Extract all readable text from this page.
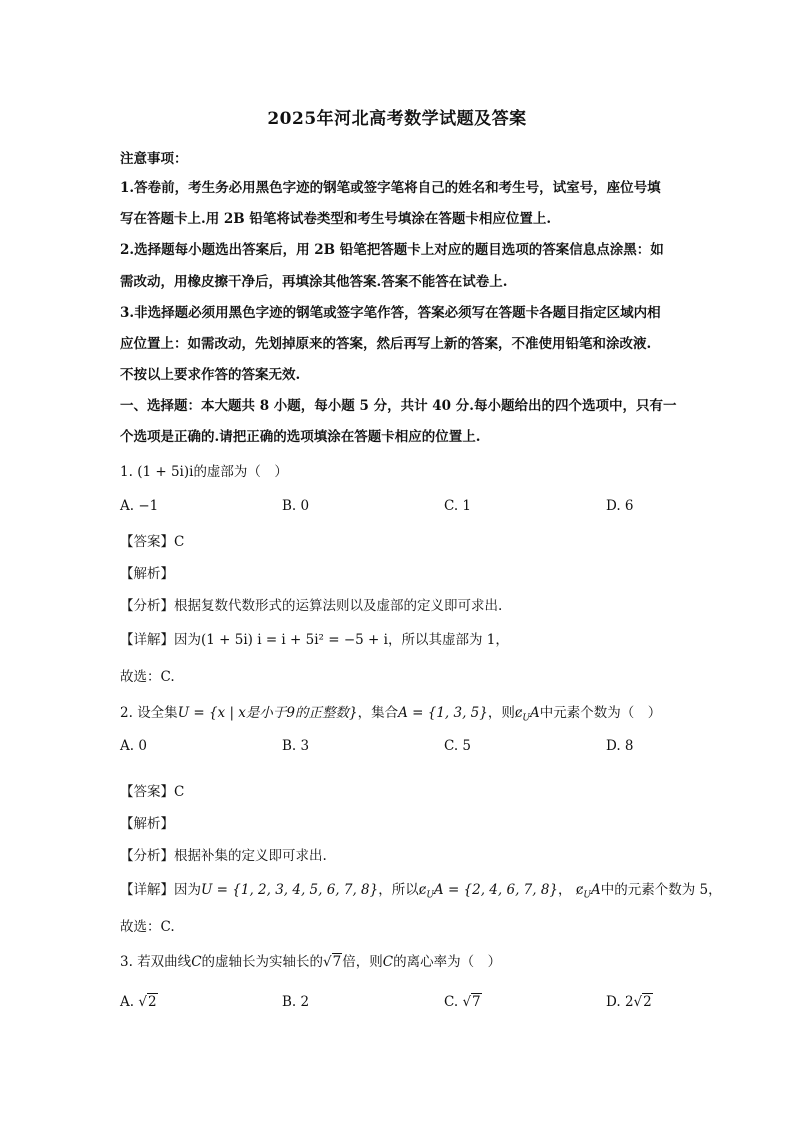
2025年河北高考数学试题及答案
注意事项：
1.答卷前，考生务必用黑色字迹的钢笔或签字笔将自己的姓名和考生号，试室号，座位号填
写在答题卡上.用 2B 铅笔将试卷类型和考生号填涂在答题卡相应位置上.
2.选择题每小题选出答案后，用 2B 铅笔把答题卡上对应的题目选项的答案信息点涂黑：如
需改动，用橡皮擦干净后，再填涂其他答案.答案不能答在试卷上.
3.非选择题必须用黑色字迹的钢笔或签字笔作答，答案必须写在答题卡各题目指定区域内相
应位置上：如需改动，先划掉原来的答案，然后再写上新的答案，不准使用铅笔和涂改液.
不按以上要求作答的答案无效.
一、选择题：本大题共 8 小题，每小题 5 分，共计 40 分.每小题给出的四个选项中，只有一
个选项是正确的.请把正确的选项填涂在答题卡相应的位置上.
1. (1 + 5i)i的虚部为（　）
A. −1	B. 0	C. 1	D. 6
【答案】C
【解析】
【分析】根据复数代数形式的运算法则以及虚部的定义即可求出.
【详解】因为(1 + 5i) i = i + 5i² = −5 + i，所以其虚部为 1，
故选：C.
2. 设全集U = {x | x是小于9的正整数}，集合A = {1, 3, 5}，则$ȼ_UA$中元素个数为（　）
A. 0	B. 3	C. 5	D. 8
【答案】C
【解析】
【分析】根据补集的定义即可求出.
【详解】因为U = {1, 2, 3, 4, 5, 6, 7, 8}，所以$ȼ_UA = \{2$, 4, 6, 7, 8}， $ȼ_UA$中的元素个数为 5，
故选：C.
3. 若双曲线C的虚轴长为实轴长的√7倍，则C的离心率为（　）
A. √2	B. 2	C. √7	D. 2√2
